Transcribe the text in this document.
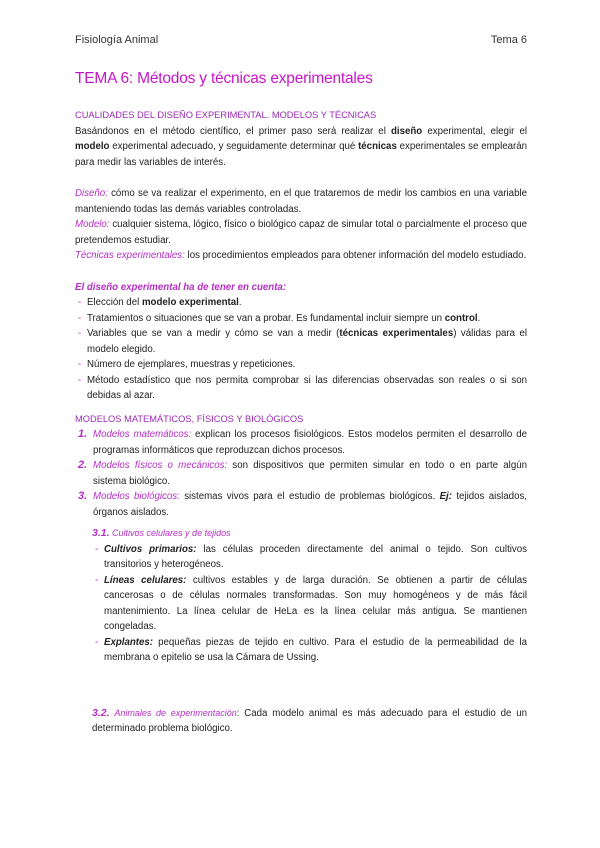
Fisiología Animal	Tema 6
TEMA 6: Métodos y técnicas experimentales
CUALIDADES DEL DISEÑO EXPERIMENTAL. MODELOS Y TÉCNICAS

Basándonos en el método científico, el primer paso será realizar el diseño experimental, elegir el modelo experimental adecuado, y seguidamente determinar qué técnicas experimentales se emplearán para medir las variables de interés.

Diseño: cómo se va realizar el experimento, en el que trataremos de medir los cambios en una variable manteniendo todas las demás variables controladas.

Modelo: cualquier sistema, lógico, físico o biológico capaz de simular total o parcialmente el proceso que pretendemos estudiar.

Técnicas experimentales: los procedimientos empleados para obtener información del modelo estudiado.

El diseño experimental ha de tener en cuenta:

- Elección del modelo experimental.
- Tratamientos o situaciones que se van a probar. Es fundamental incluir siempre un control.
- Variables que se van a medir y cómo se van a medir (técnicas experimentales) válidas para el modelo elegido.
- Número de ejemplares, muestras y repeticiones.
- Método estadístico que nos permita comprobar si las diferencias observadas son reales o si son debidas al azar.
MODELOS MATEMÁTICOS, FÍSICOS Y BIOLÓGICOS
1. Modelos matemáticos: explican los procesos fisiológicos. Estos modelos permiten el desarrollo de programas informáticos que reproduzcan dichos procesos.
2. Modelos físicos o mecánicos: son dispositivos que permiten simular en todo o en parte algún sistema biológico.
3. Modelos biológicos: sistemas vivos para el estudio de problemas biológicos. Ej: tejidos aislados, órganos aislados.
3.1. Cultivos celulares y de tejidos
- Cultivos primarios: las células proceden directamente del animal o tejido. Son cultivos transitorios y heterogéneos.
- Líneas celulares: cultivos estables y de larga duración. Se obtienen a partir de células cancerosas o de células normales transformadas. Son muy homogéneos y de más fácil mantenimiento. La línea celular de HeLa es la línea celular más antigua. Se mantienen congeladas.
- Explantes: pequeñas piezas de tejido en cultivo. Para el estudio de la permeabilidad de la membrana o epitelio se usa la Cámara de Ussing.

3.2. Animales de experimentación: Cada modelo animal es más adecuado para el estudio de un determinado problema biológico.
